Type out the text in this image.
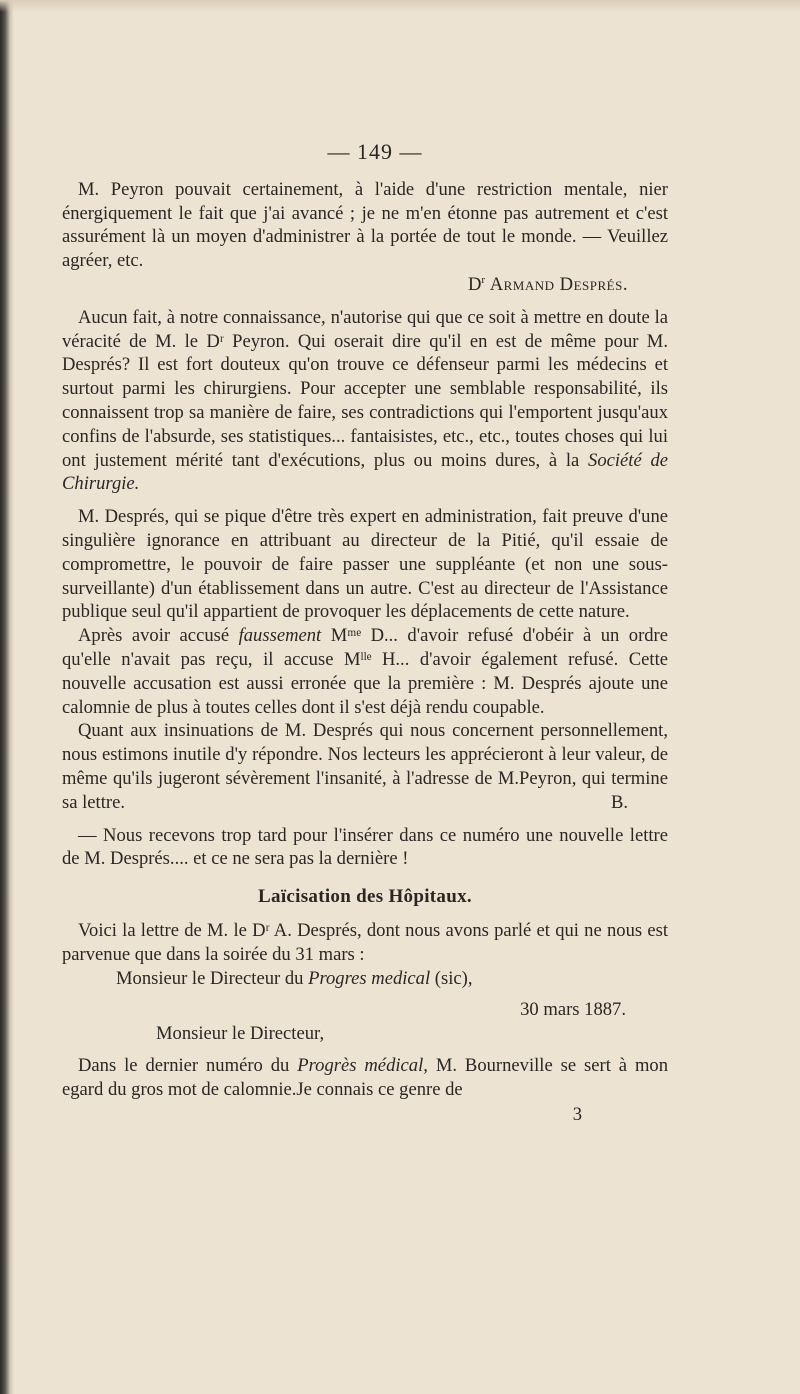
— 149 —

M. Peyron pouvait certainement, à l'aide d'une restriction mentale, nier énergiquement le fait que j'ai avancé ; je ne m'en étonne pas autrement et c'est assurément là un moyen d'administrer à la portée de tout le monde. — Veuillez agréer, etc.

$D^r$ Armand Després.

Aucun fait, à notre connaissance, n'autorise qui que ce soit à mettre en doute la véracité de M. le Dʳ Peyron. Qui oserait dire qu'il en est de même pour M. Després? Il est fort douteux qu'on trouve ce défenseur parmi les médecins et surtout parmi les chirurgiens. Pour accepter une semblable responsabilité, ils connaissent trop sa manière de faire, ses contradictions qui l'emportent jusqu'aux confins de l'absurde, ses statistiques... fantaisistes, etc., etc., toutes choses qui lui ont justement mérité tant d'exécutions, plus ou moins dures, à la Société de Chirurgie.

M. Després, qui se pique d'être très expert en administration, fait preuve d'une singulière ignorance en attribuant au directeur de la Pitié, qu'il essaie de compromettre, le pouvoir de faire passer une suppléante (et non une sous-surveillante) d'un établissement dans un autre. C'est au directeur de l'Assistance publique seul qu'il appartient de provoquer les déplacements de cette nature.

Après avoir accusé faussement Mᵐᵉ D... d'avoir refusé d'obéir à un ordre qu'elle n'avait pas reçu, il accuse Mˡˡᵉ H... d'avoir également refusé. Cette nouvelle accusation est aussi erronée que la première : M. Després ajoute une calomnie de plus à toutes celles dont il s'est déjà rendu coupable.

Quant aux insinuations de M. Després qui nous concernent personnellement, nous estimons inutile d'y répondre. Nos lecteurs les apprécieront à leur valeur, de même qu'ils jugeront sévèrement l'insanité, à l'adresse de M.Peyron, qui termine sa lettre.	B.

— Nous recevons trop tard pour l'insérer dans ce numéro une nouvelle lettre de M. Després.... et ce ne sera pas la dernière !

Laïcisation des Hôpitaux.

Voici la lettre de M. le Dʳ A. Després, dont nous avons parlé et qui ne nous est parvenue que dans la soirée du 31 mars :

Monsieur le Directeur du Progres medical (sic),

30 mars 1887.

Monsieur le Directeur,

Dans le dernier numéro du Progrès médical, M. Bourneville se sert à mon egard du gros mot de calomnie.Je connais ce genre de

3
